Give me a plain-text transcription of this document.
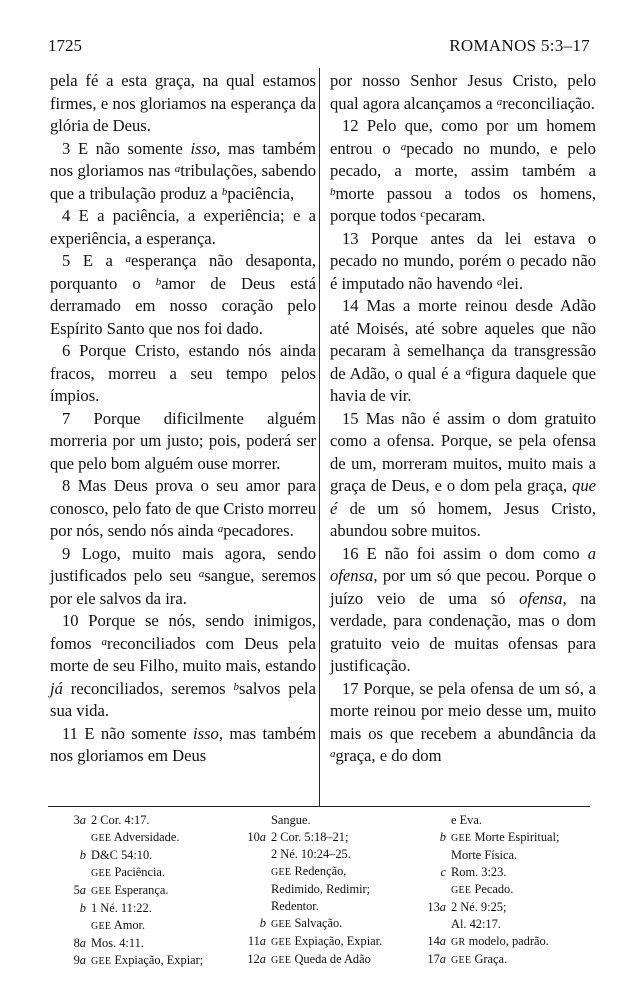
1725	ROMANOS 5:3–17

pela fé a esta graça, na qual estamos firmes, e nos gloriamos na esperança da glória de Deus.

3 E não somente isso, mas também nos gloriamos nas $^a$tribulações, sabendo que a tribulação produz a $^b$paciência,

4 E a paciência, a experiência; e a experiência, a esperança.

5 E a $^a$esperança não desaponta, porquanto o $^b$amor de Deus está derramado em nosso coração pelo Espírito Santo que nos foi dado.

6 Porque Cristo, estando nós ainda fracos, morreu a seu tempo pelos ímpios.

7 Porque dificilmente alguém morreria por um justo; pois, poderá ser que pelo bom alguém ouse morrer.

8 Mas Deus prova o seu amor para conosco, pelo fato de que Cristo morreu por nós, sendo nós ainda $^a$pecadores.

9 Logo, muito mais agora, sendo justificados pelo seu $^a$sangue, seremos por ele salvos da ira.

10 Porque se nós, sendo inimigos, fomos $^a$reconciliados com Deus pela morte de seu Filho, muito mais, estando já reconciliados, seremos $^b$salvos pela sua vida.

11 E não somente isso, mas também nos gloriamos em Deus

por nosso Senhor Jesus Cristo, pelo qual agora alcançamos a $^a$reconciliação.

12 Pelo que, como por um homem entrou o $^a$pecado no mundo, e pelo pecado, a morte, assim também a $^b$morte passou a todos os homens, porque todos $^c$pecaram.

13 Porque antes da lei estava o pecado no mundo, porém o pecado não é imputado não havendo $^a$lei.

14 Mas a morte reinou desde Adão até Moisés, até sobre aqueles que não pecaram à semelhança da transgressão de Adão, o qual é a $^a$figura daquele que havia de vir.

15 Mas não é assim o dom gratuito como a ofensa. Porque, se pela ofensa de um, morreram muitos, muito mais a graça de Deus, e o dom pela graça, que é de um só homem, Jesus Cristo, abundou sobre muitos.

16 E não foi assim o dom como a ofensa, por um só que pecou. Porque o juízo veio de uma só ofensa, na verdade, para condenação, mas o dom gratuito veio de muitas ofensas para justificação.

17 Porque, se pela ofensa de um só, a morte reinou por meio desse um, muito mais os que recebem a abundância da $^a$graça, e do dom

3a 2 Cor. 4:17.
GEE Adversidade.
b D&C 54:10.
GEE Paciência.
5a GEE Esperança.
b 1 Né. 11:22.
GEE Amor.
8a Mos. 4:11.
9a GEE Expiação, Expiar;
Sangue.
10a 2 Cor. 5:18–21;
2 Né. 10:24–25.
GEE Redenção,
Redimido, Redimir;
Redentor.
b GEE Salvação.
11a GEE Expiação, Expiar.
12a GEE Queda de Adão
e Eva.
b GEE Morte Espiritual;
Morte Física.
c Rom. 3:23.
GEE Pecado.
13a 2 Né. 9:25;
Al. 42:17.
14a GR modelo, padrão.
17a GEE Graça.
